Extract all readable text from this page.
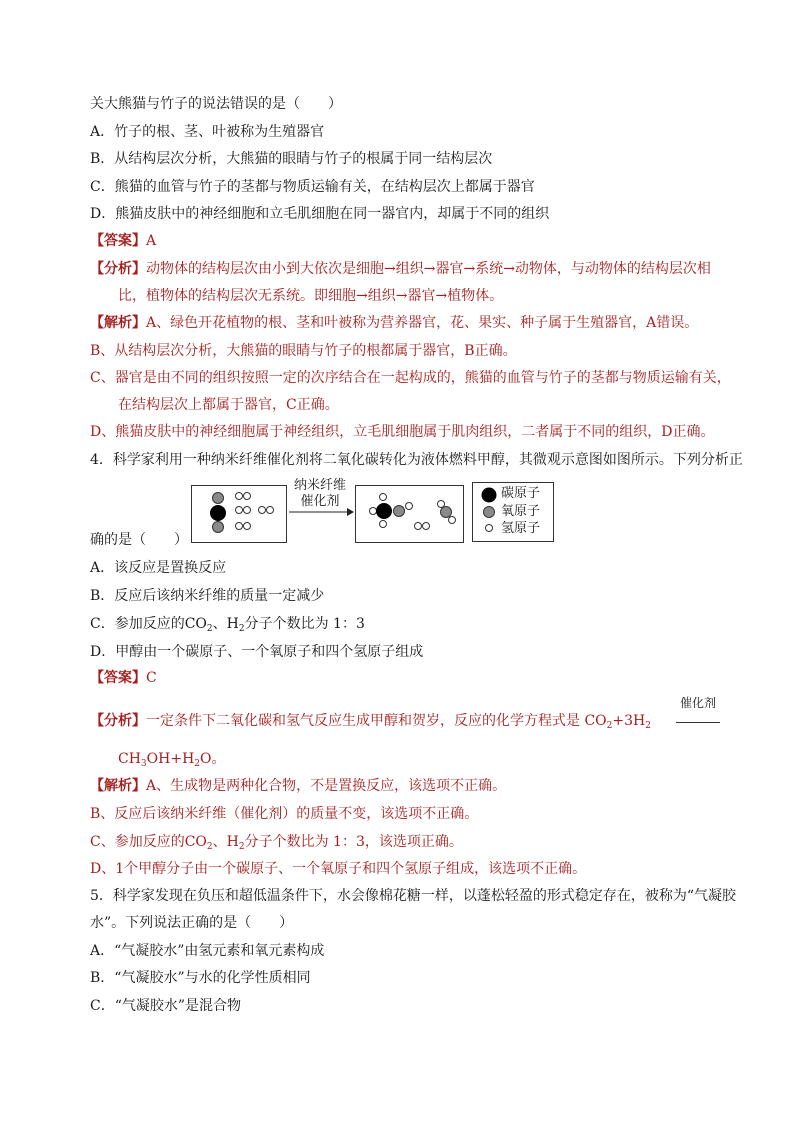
关大熊猫与竹子的说法错误的是（　　）
A．竹子的根、茎、叶被称为生殖器官
B．从结构层次分析，大熊猫的眼睛与竹子的根属于同一结构层次
C．熊猫的血管与竹子的茎都与物质运输有关，在结构层次上都属于器官
D．熊猫皮肤中的神经细胞和立毛肌细胞在同一器官内，却属于不同的组织
【答案】A
【分析】动物体的结构层次由小到大依次是细胞→组织→器官→系统→动物体，与动物体的结构层次相
比，植物体的结构层次无系统。即细胞→组织→器官→植物体。
【解析】A、绿色开花植物的根、茎和叶被称为营养器官，花、果实、种子属于生殖器官，A错误。
B、从结构层次分析，大熊猫的眼睛与竹子的根都属于器官，B正确。
C、器官是由不同的组织按照一定的次序结合在一起构成的，熊猫的血管与竹子的茎都与物质运输有关，
在结构层次上都属于器官，C正确。
D、熊猫皮肤中的神经细胞属于神经组织，立毛肌细胞属于肌肉组织，二者属于不同的组织，D正确。
4．科学家利用一种纳米纤维催化剂将二氧化碳转化为液体燃料甲醇，其微观示意图如图所示。下列分析正
纳米纤维
催化剂
碳原子
氧原子
氢原子
确的是（　　）
A．该反应是置换反应
B．反应后该纳米纤维的质量一定减少
C．参加反应的$CO_2$、$H_2$分子个数比为 1：3
D．甲醇由一个碳原子、一个氧原子和四个氢原子组成
【答案】C
催化剂
【分析】一定条件下二氧化碳和氢气反应生成甲醇和贺岁，反应的化学方程式是 $CO_2+3H_2$
$CH_3OH+H_2O$。
【解析】A、生成物是两种化合物，不是置换反应，该选项不正确。
B、反应后该纳米纤维（催化剂）的质量不变，该选项不正确。
C、参加反应的$CO_2$、$H_2$分子个数比为 1：3，该选项正确。
D、1个甲醇分子由一个碳原子、一个氧原子和四个氢原子组成，该选项不正确。
5．科学家发现在负压和超低温条件下，水会像棉花糖一样，以蓬松轻盈的形式稳定存在，被称为“气凝胶
水”。下列说法正确的是（　　）
A．“气凝胶水”由氢元素和氧元素构成
B．“气凝胶水”与水的化学性质相同
C．“气凝胶水”是混合物
